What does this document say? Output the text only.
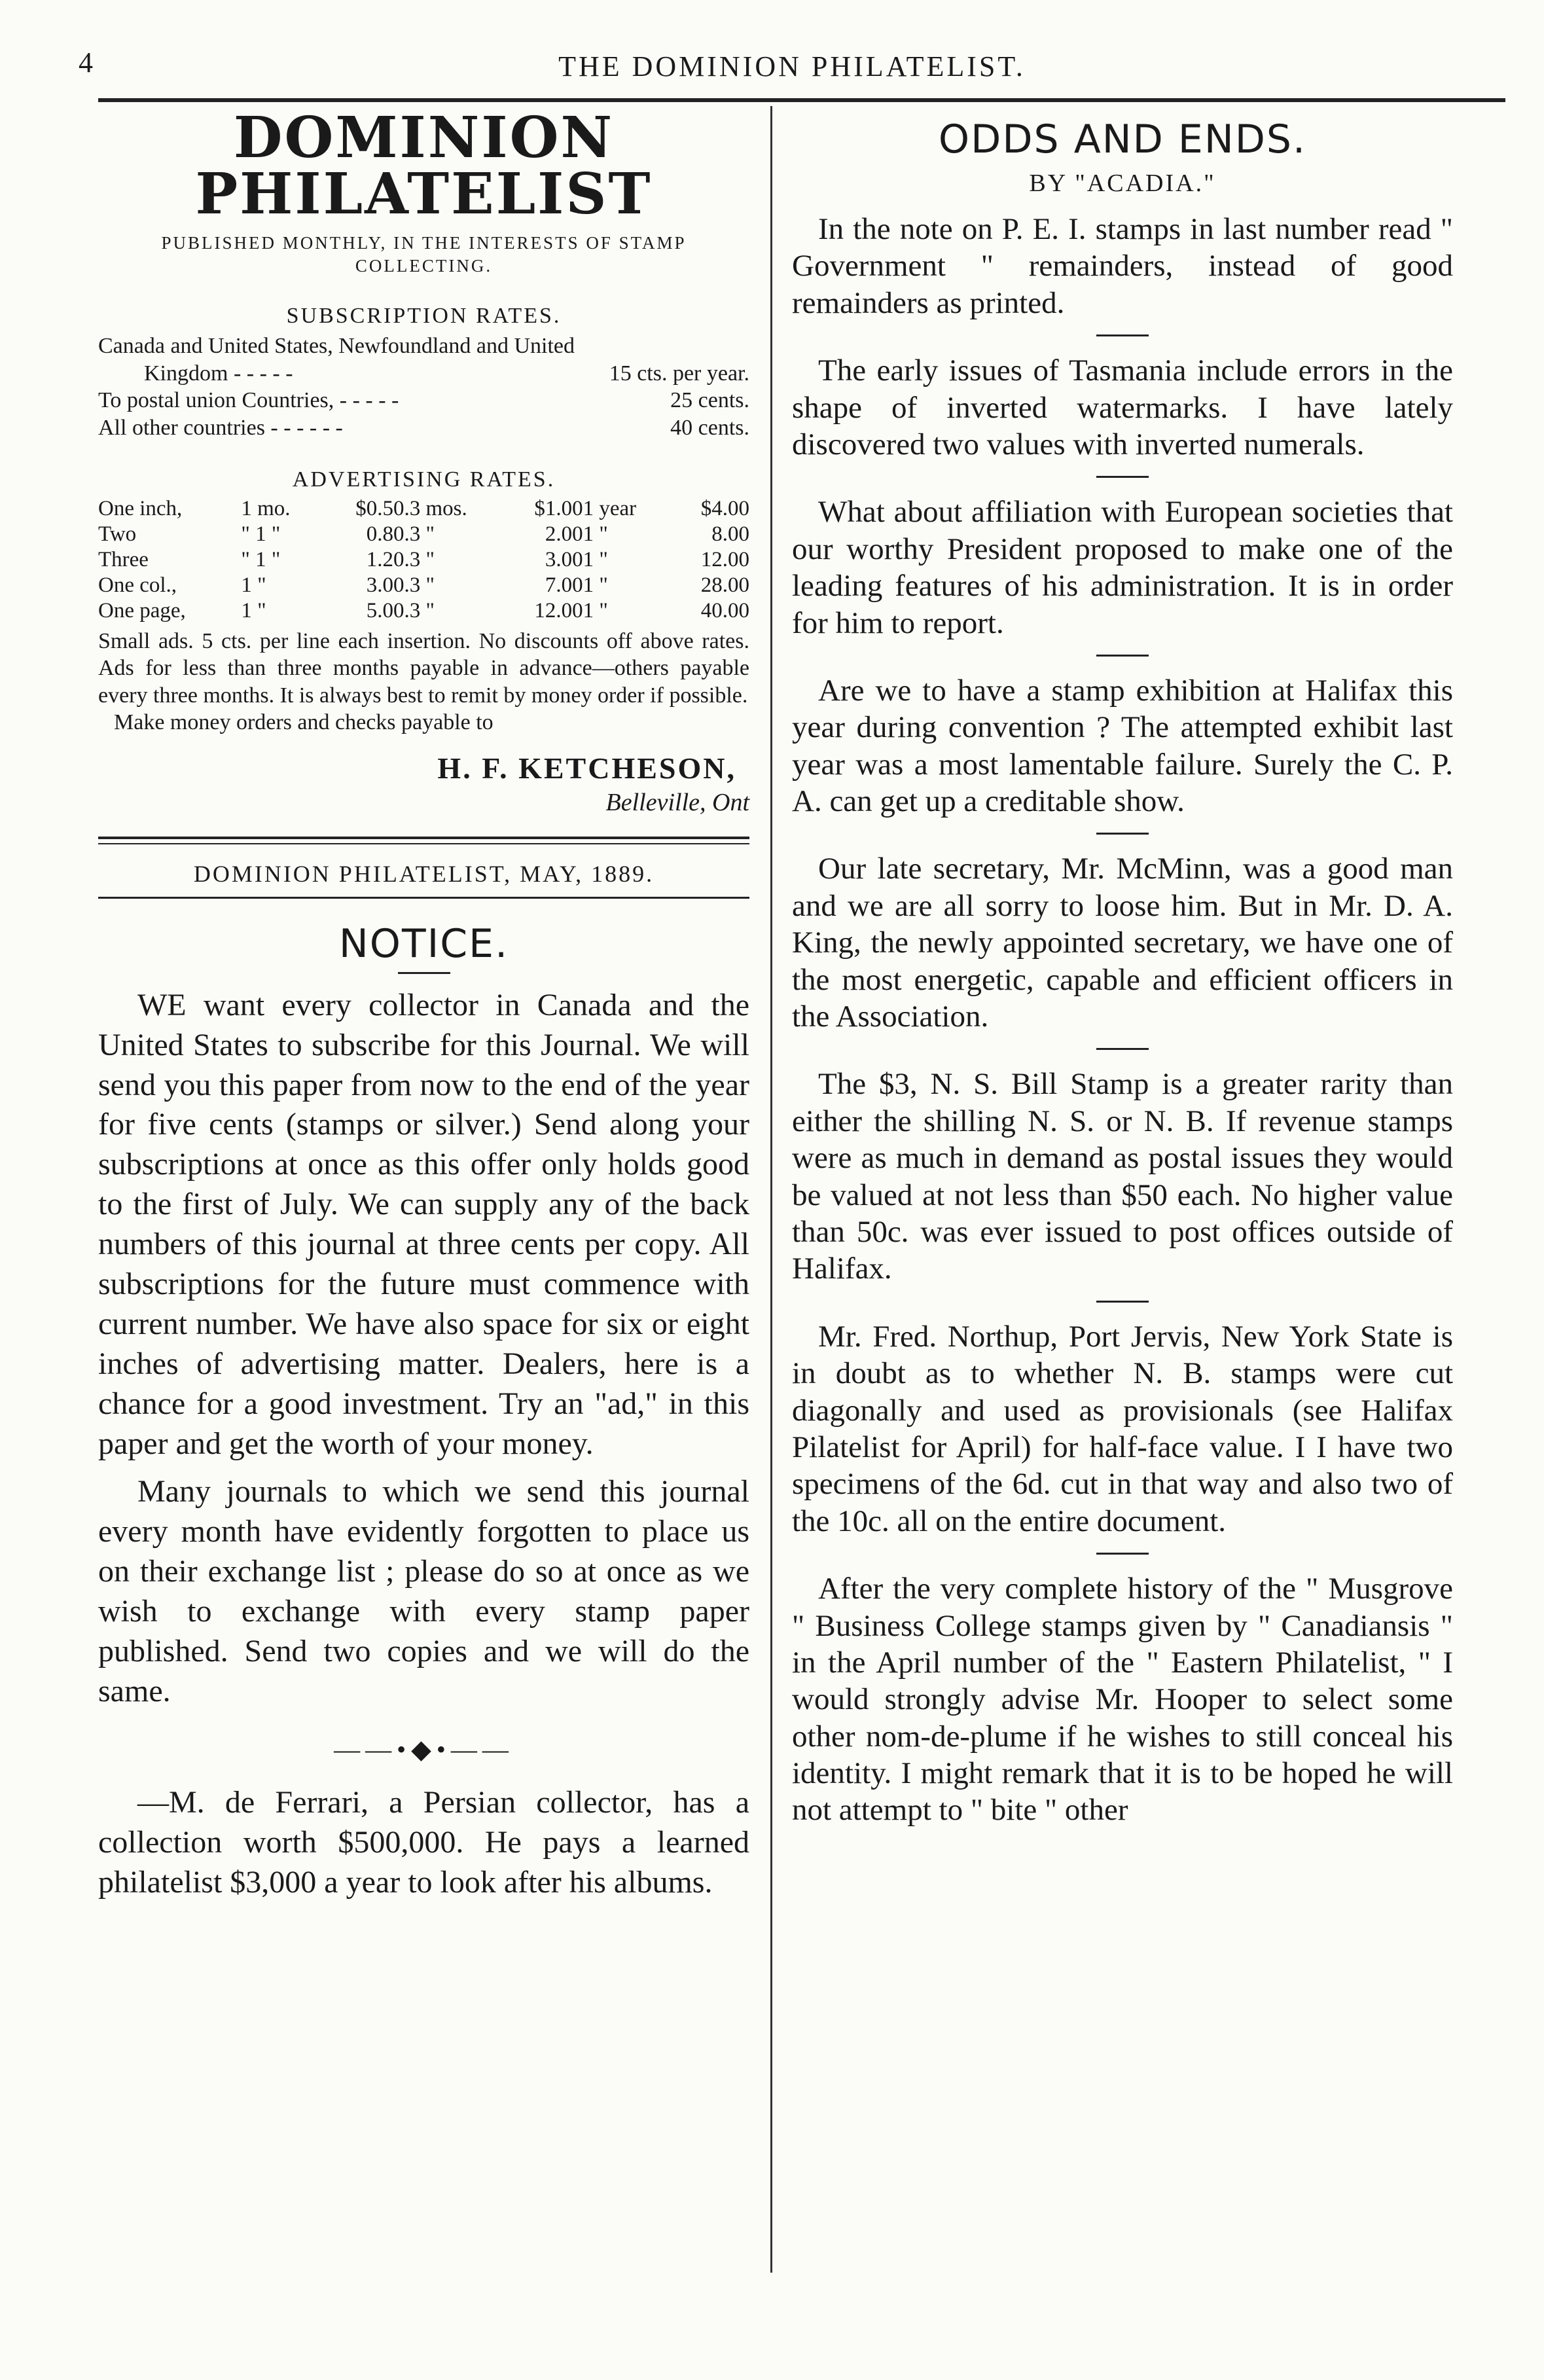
4	THE DOMINION PHILATELIST.
DOMINION PHILATELIST

PUBLISHED MONTHLY, IN THE INTERESTS OF STAMP COLLECTING.

SUBSCRIPTION RATES.
Canada and United States, Newfoundland and United
Kingdom - - - - -	15 cts. per year.
To postal union Countries, - - - - -	25 cents.
All other countries - - - - - -	40 cents.
ADVERTISING RATES.
One inch,	1 mo.	$0.50.	3 mos.	$1.00	1 year	$4.00
Two	" 1 "	0.80.	3 "	2.00	1 "	8.00
Three	" 1 "	1.20.	3 "	3.00	1 "	12.00
One col.,	1 "	3.00.	3 "	7.00	1 "	28.00
One page,	1 "	5.00.	3 "	12.00	1 "	40.00

Small ads. 5 cts. per line each insertion. No discounts off above rates. Ads for less than three months payable in advance—others payable every three months. It is always best to remit by money order if possible.

Make money orders and checks payable to

H. F. KETCHESON,

Belleville, Ont

DOMINION PHILATELIST, MAY, 1889.
NOTICE.

WE want every collector in Canada and the United States to subscribe for this Journal. We will send you this paper from now to the end of the year for five cents (stamps or silver.) Send along your subscriptions at once as this offer only holds good to the first of July. We can supply any of the back numbers of this journal at three cents per copy. All subscriptions for the future must commence with current number. We have also space for six or eight inches of advertising matter. Dealers, here is a chance for a good investment. Try an "ad," in this paper and get the worth of your money.

Many journals to which we send this journal every month have evidently forgotten to place us on their exchange list ; please do so at once as we wish to exchange with every stamp paper published. Send two copies and we will do the same.

——•◆•——

—M. de Ferrari, a Persian collector, has a collection worth $500,000. He pays a learned philatelist $3,000 a year to look after his albums.

ODDS AND ENDS.
BY "ACADIA."

In the note on P. E. I. stamps in last number read " Government " remainders, instead of good remainders as printed.

The early issues of Tasmania include errors in the shape of inverted watermarks. I have lately discovered two values with inverted numerals.

What about affiliation with European societies that our worthy President proposed to make one of the leading features of his administration. It is in order for him to report.

Are we to have a stamp exhibition at Halifax this year during convention ? The attempted exhibit last year was a most lamentable failure. Surely the C. P. A. can get up a creditable show.

Our late secretary, Mr. McMinn, was a good man and we are all sorry to loose him. But in Mr. D. A. King, the newly appointed secretary, we have one of the most energetic, capable and efficient officers in the Association.

The $3, N. S. Bill Stamp is a greater rarity than either the shilling N. S. or N. B. If revenue stamps were as much in demand as postal issues they would be valued at not less than $50 each. No higher value than 50c. was ever issued to post offices outside of Halifax.

Mr. Fred. Northup, Port Jervis, New York State is in doubt as to whether N. B. stamps were cut diagonally and used as provisionals (see Halifax Pilatelist for April) for half-face value. I I have two specimens of the 6d. cut in that way and also two of the 10c. all on the entire document.

After the very complete history of the " Musgrove " Business College stamps given by " Canadiansis " in the April number of the " Eastern Philatelist, " I would strongly advise Mr. Hooper to select some other nom-de-plume if he wishes to still conceal his identity. I might remark that it is to be hoped he will not attempt to " bite " other
